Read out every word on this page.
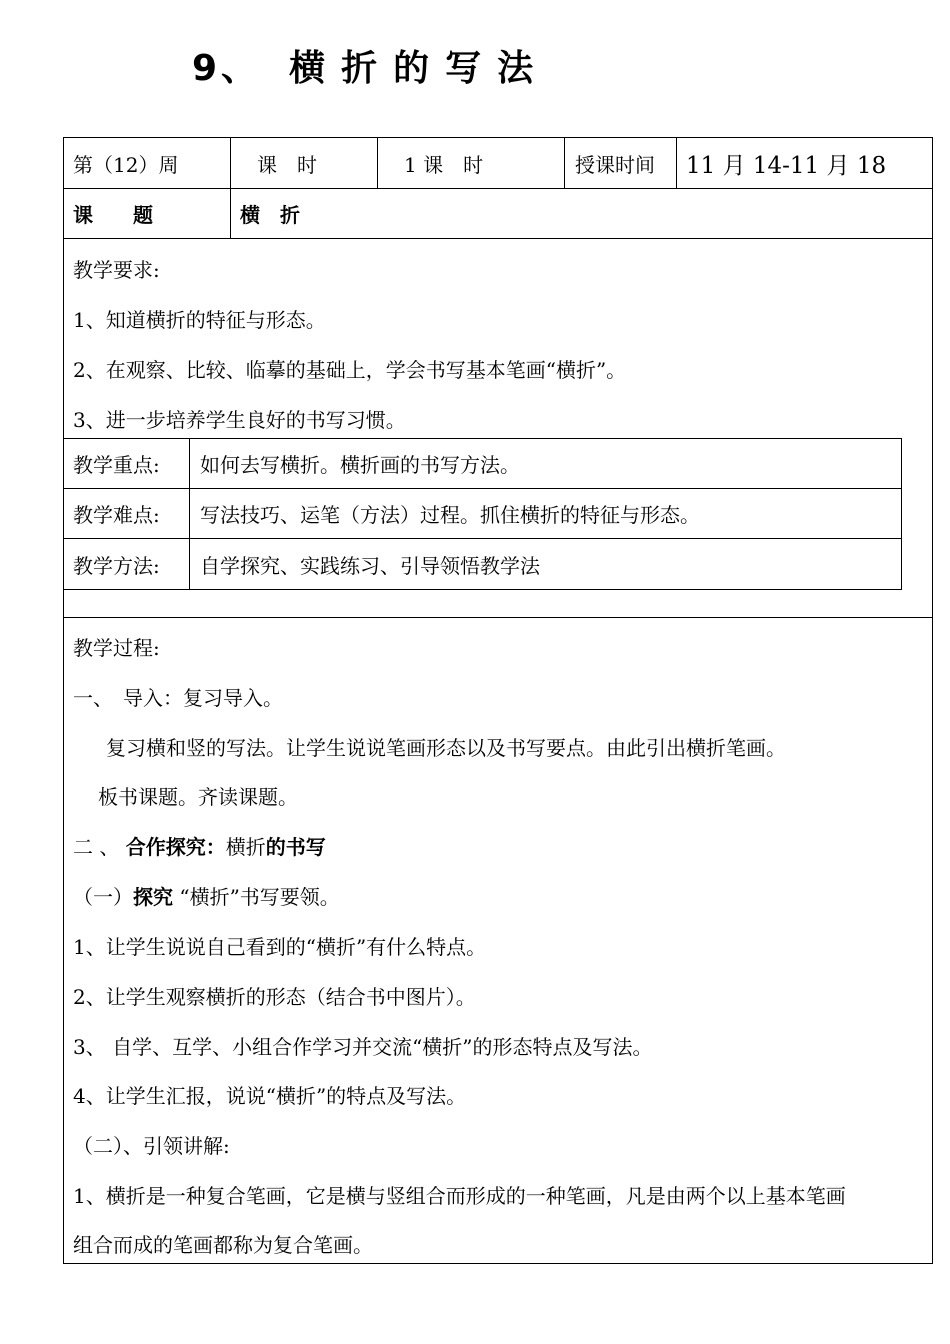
9、 横 折 的 写 法
第（12）周	课　时	1 课　时	授课时间 11 月 14-11 月 18
课　　题	横　折
教学要求:
1、知道横折的特征与形态。
2、在观察、比较、临摹的基础上，学会书写基本笔画“横折”。
3、进一步培养学生良好的书写习惯。
教学重点:	如何去写横折。横折画的书写方法。
教学难点:	写法技巧、运笔（方法）过程。抓住横折的特征与形态。
教学方法:	自学探究、实践练习、引导领悟教学法
教学过程:
一、　导入：复习导入。
复习横和竖的写法。让学生说说笔画形态以及书写要点。由此引出横折笔画。
板书课题。齐读课题。
二 、 合作探究：横折的书写
（一）探究 “横折”书写要领。
1、让学生说说自己看到的“横折”有什么特点。
2、让学生观察横折的形态（结合书中图片）。
3、 自学、互学、小组合作学习并交流“横折”的形态特点及写法。
4、让学生汇报，说说“横折”的特点及写法。
（二）、引领讲解:
1、横折是一种复合笔画，它是横与竖组合而形成的一种笔画，凡是由两个以上基本笔画
组合而成的笔画都称为复合笔画。
